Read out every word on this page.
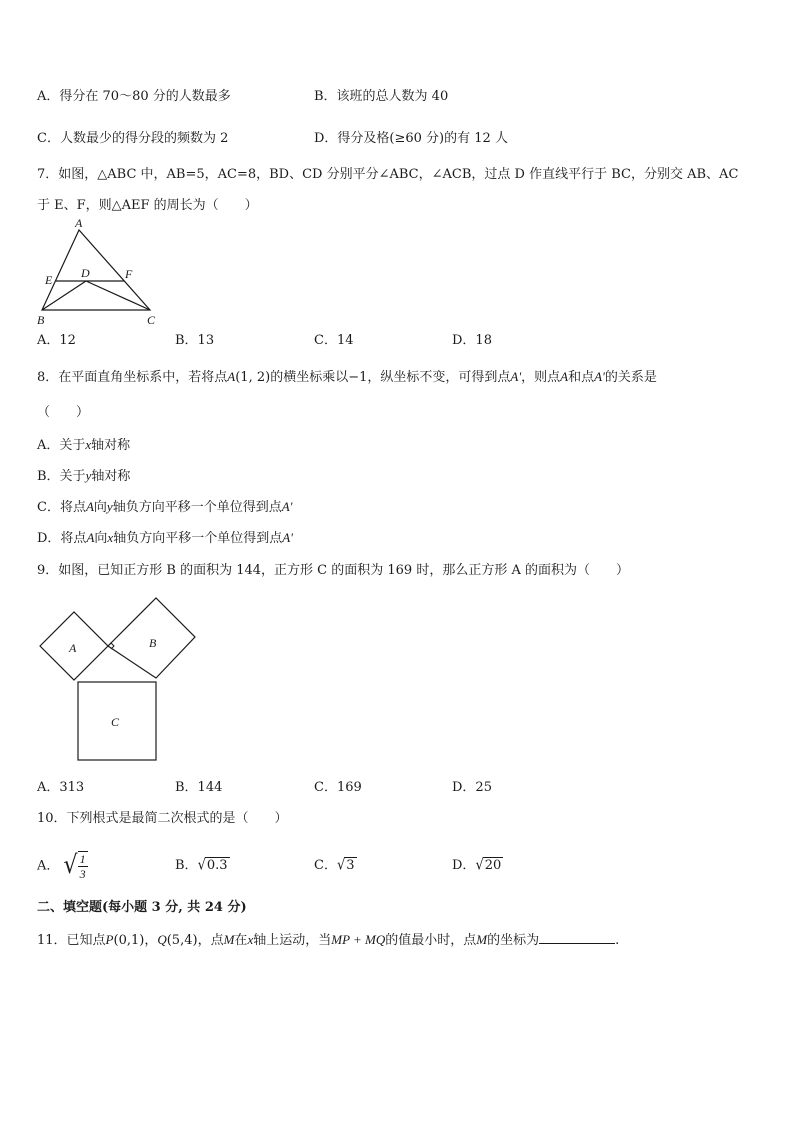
A．得分在 70～80 分的人数最多	B．该班的总人数为 40
C．人数最少的得分段的频数为 2	D．得分及格(≥60 分)的有 12 人
7．如图，△ABC 中，AB=5，AC=8，BD、CD 分别平分∠ABC，∠ACB，过点 D 作直线平行于 BC，分别交 AB、AC
于 E、F，则△AEF 的周长为（　　）
A
E D	F
B	C
A．12	B．13	C．14	D．18
8．在平面直角坐标系中，若将点A(1, 2)的横坐标乘以−1，纵坐标不变，可得到点A'，则点A和点A'的关系是
（　　）
A．关于x轴对称
B．关于y轴对称
C．将点A向y轴负方向平移一个单位得到点A'
D．将点A向x轴负方向平移一个单位得到点A'
9．如图，已知正方形 B 的面积为 144，正方形 C 的面积为 169 时，那么正方形 A 的面积为（　　）
A	B
C
A．313	B．144	C．169	D．25
10．下列根式是最简二次根式的是（　　）
A． √ $\frac{1}{3}$	B．√0.3	C．√3	D．√20
二、填空题(每小题 3 分, 共 24 分)
11．已知点P(0,1)，Q(5,4)，点M在x轴上运动，当MP + MQ的值最小时，点M的坐标为	.
